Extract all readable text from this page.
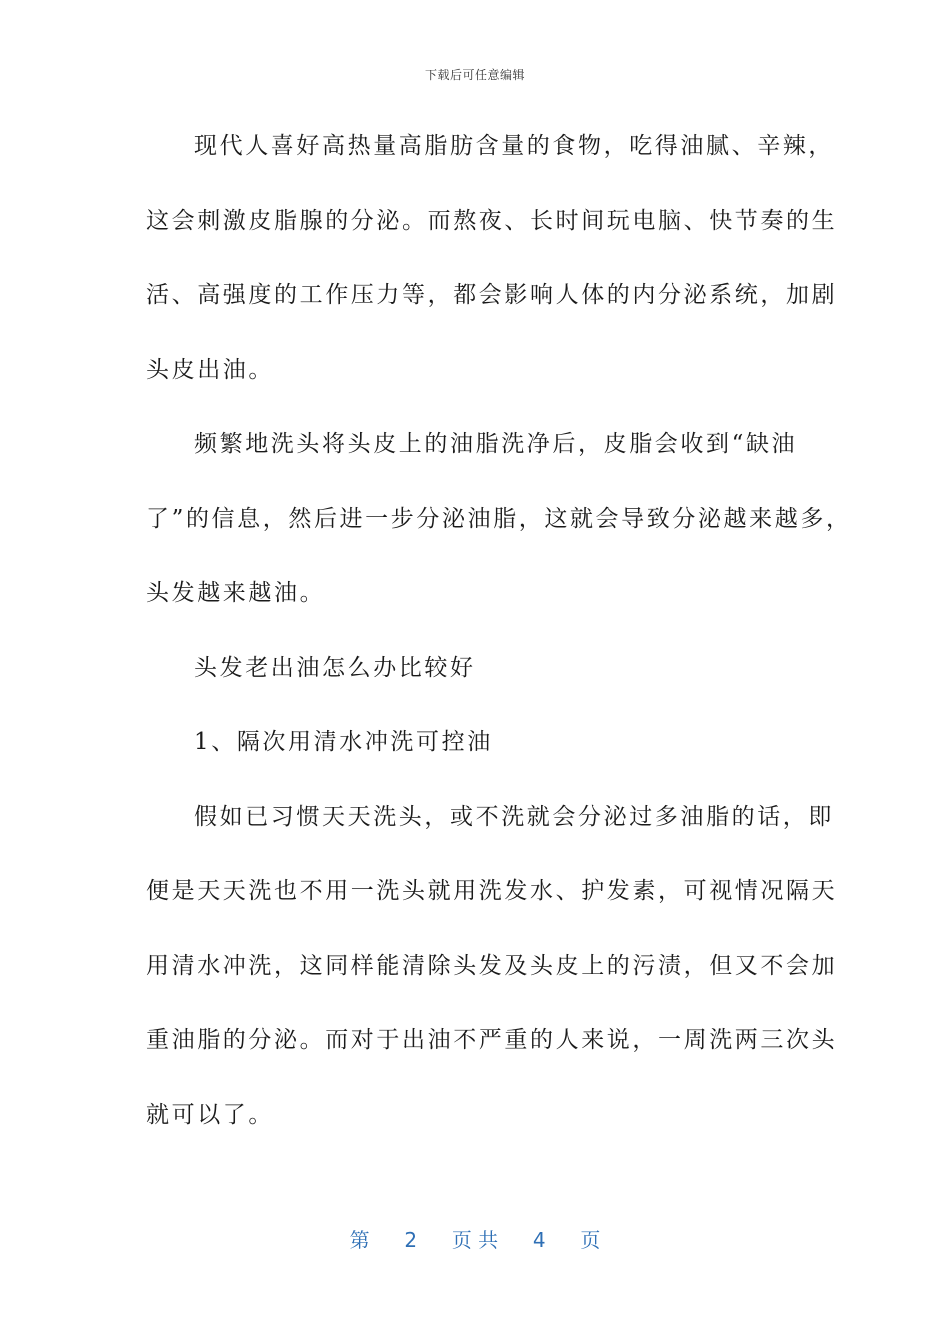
下载后可任意编辑
现代人喜好高热量高脂肪含量的食物，吃得油腻、辛辣，
这会刺激皮脂腺的分泌。而熬夜、长时间玩电脑、快节奏的生
活、高强度的工作压力等，都会影响人体的内分泌系统，加剧
头皮出油。
频繁地洗头将头皮上的油脂洗净后，皮脂会收到“缺油
了”的信息，然后进一步分泌油脂，这就会导致分泌越来越多，
头发越来越油。
头发老出油怎么办比较好
1、隔次用清水冲洗可控油
假如已习惯天天洗头，或不洗就会分泌过多油脂的话，即
便是天天洗也不用一洗头就用洗发水、护发素，可视情况隔天
用清水冲洗，这同样能清除头发及头皮上的污渍，但又不会加
重油脂的分泌。而对于出油不严重的人来说，一周洗两三次头
就可以了。
第 2 页 共 4 页
